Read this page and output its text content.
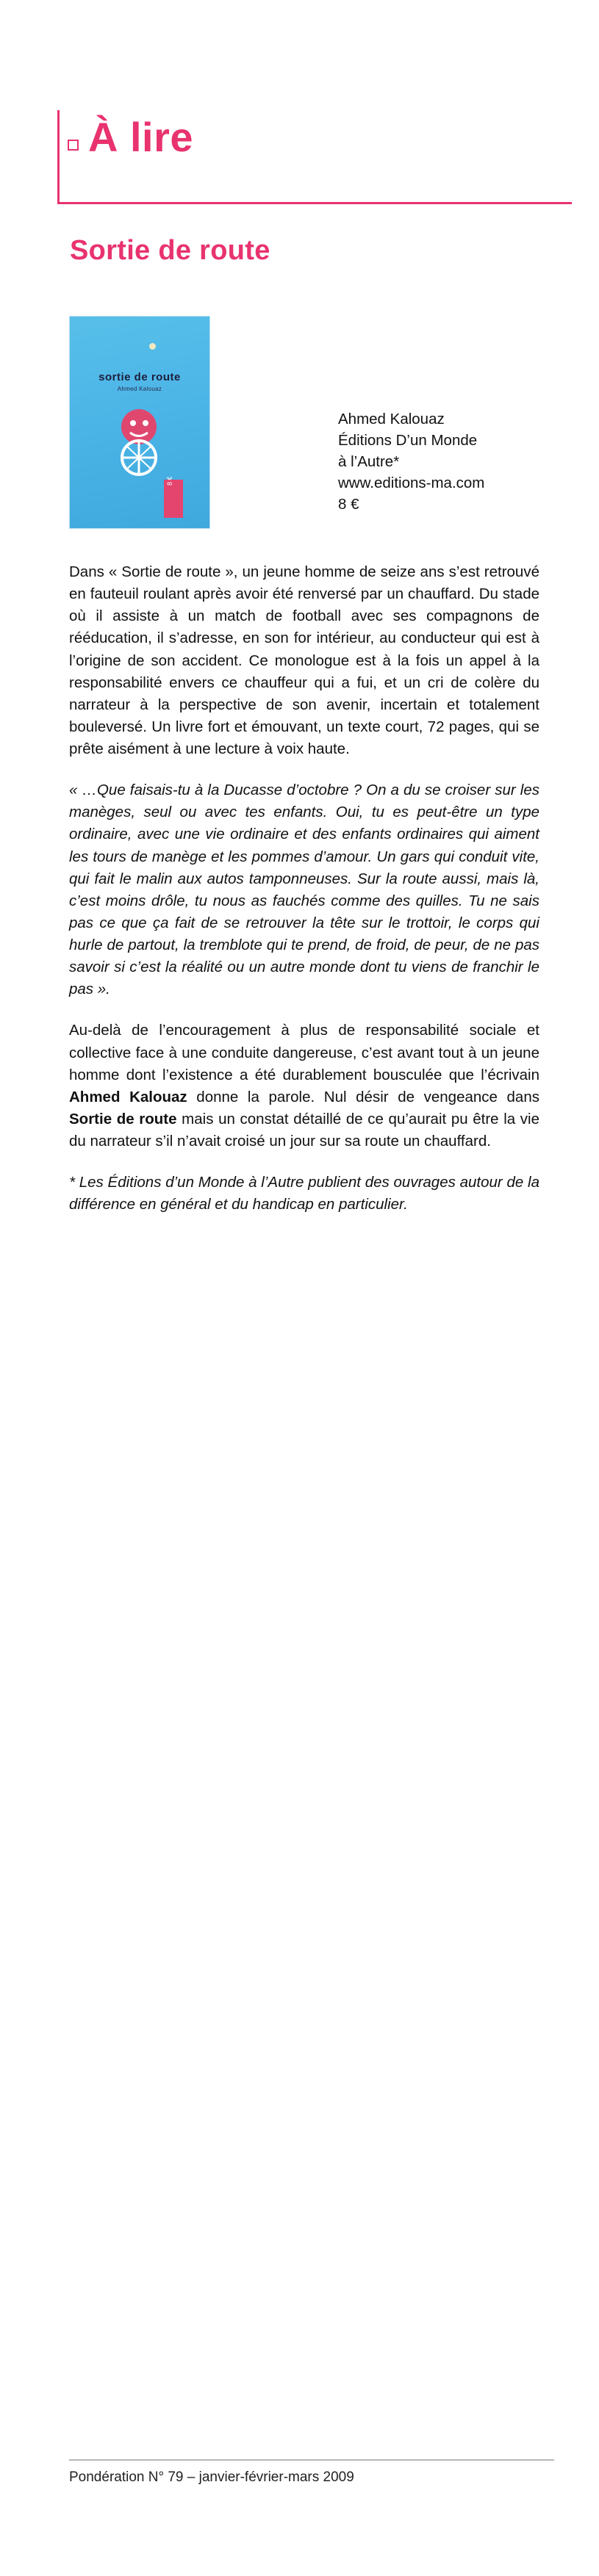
À lire
Sortie de route
sortie de route
Ahmed Kalouaz
8 €
Ahmed Kalouaz
Éditions D’un Monde
à l’Autre*
www.editions-ma.com
8 €

Dans « Sortie de route », un jeune homme de seize ans s’est retrouvé en fauteuil roulant après avoir été renversé par un chauffard. Du stade où il assiste à un match de football avec ses compagnons de rééducation, il s’adresse, en son for intérieur, au conducteur qui est à l’origine de son accident. Ce monologue est à la fois un appel à la responsabilité envers ce chauffeur qui a fui, et un cri de colère du narrateur à la perspective de son avenir, incertain et totalement bouleversé. Un livre fort et émouvant, un texte court, 72 pages, qui se prête aisément à une lecture à voix haute.

« …Que faisais-tu à la Ducasse d’octobre ? On a du se croiser sur les manèges, seul ou avec tes enfants. Oui, tu es peut-être un type ordinaire, avec une vie ordinaire et des enfants ordinaires qui aiment les tours de manège et les pommes d’amour. Un gars qui conduit vite, qui fait le malin aux autos tamponneuses. Sur la route aussi, mais là, c’est moins drôle, tu nous as fauchés comme des quilles. Tu ne sais pas ce que ça fait de se retrouver la tête sur le trottoir, le corps qui hurle de partout, la tremblote qui te prend, de froid, de peur, de ne pas savoir si c’est la réalité ou un autre monde dont tu viens de franchir le pas ».

Au-delà de l’encouragement à plus de responsabilité sociale et collective face à une conduite dangereuse, c’est avant tout à un jeune homme dont l’existence a été durablement bousculée que l’écrivain Ahmed Kalouaz donne la parole. Nul désir de vengeance dans Sortie de route mais un constat détaillé de ce qu’aurait pu être la vie du narrateur s’il n’avait croisé un jour sur sa route un chauffard.

* Les Éditions d’un Monde à l’Autre publient des ouvrages autour de la différence en général et du handicap en particulier.

Pondération N° 79 – janvier-février-mars 2009
